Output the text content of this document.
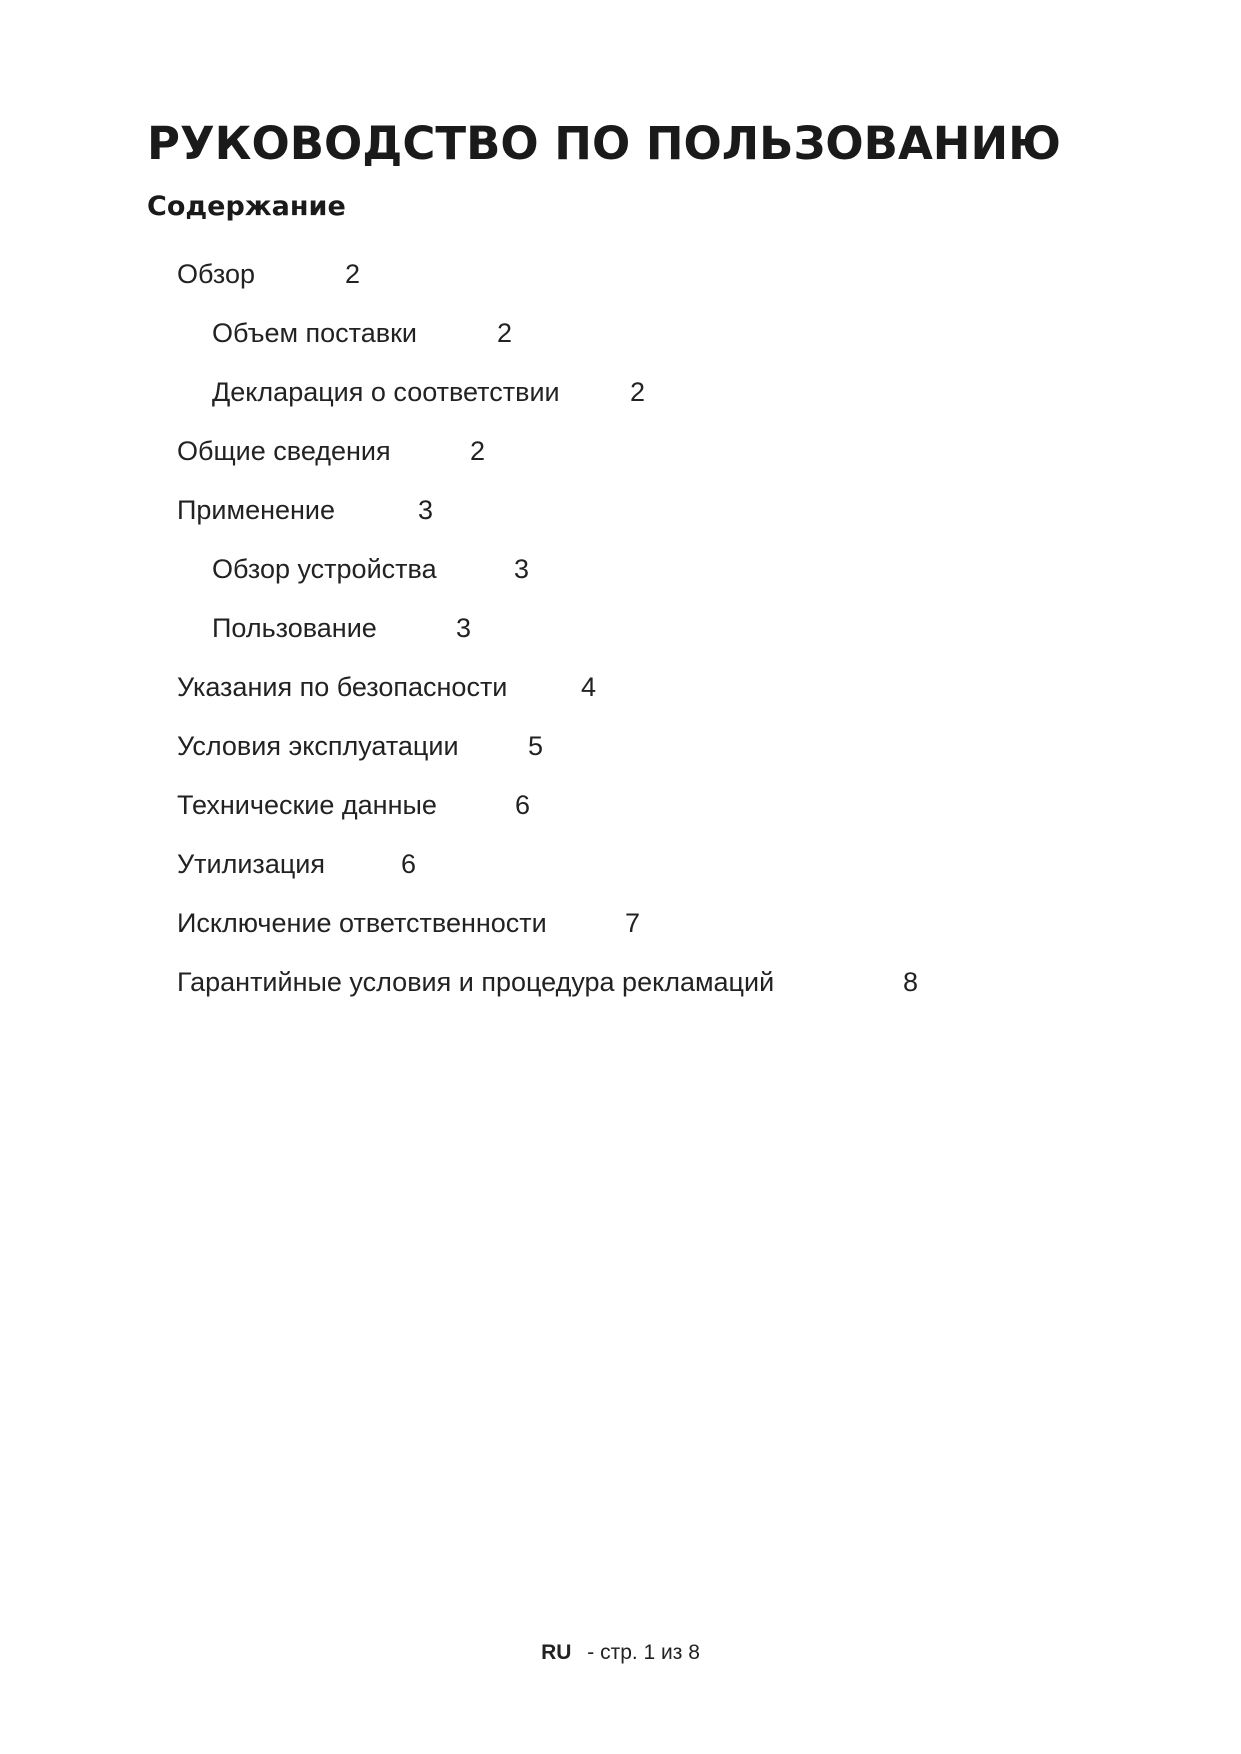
РУКОВОДСТВО ПО ПОЛЬЗОВАНИЮ
Содержание
Обзор	2
Объем поставки	2
Декларация о соответствии	2
Общие сведения	2
Применение	3
Обзор устройства	3
Пользование	3
Указания по безопасности	4
Условия эксплуатации	5
Технические данные	6
Утилизация	6
Исключение ответственности	7
Гарантийные условия и процедура рекламаций	8
RU - стр. 1 из 8
